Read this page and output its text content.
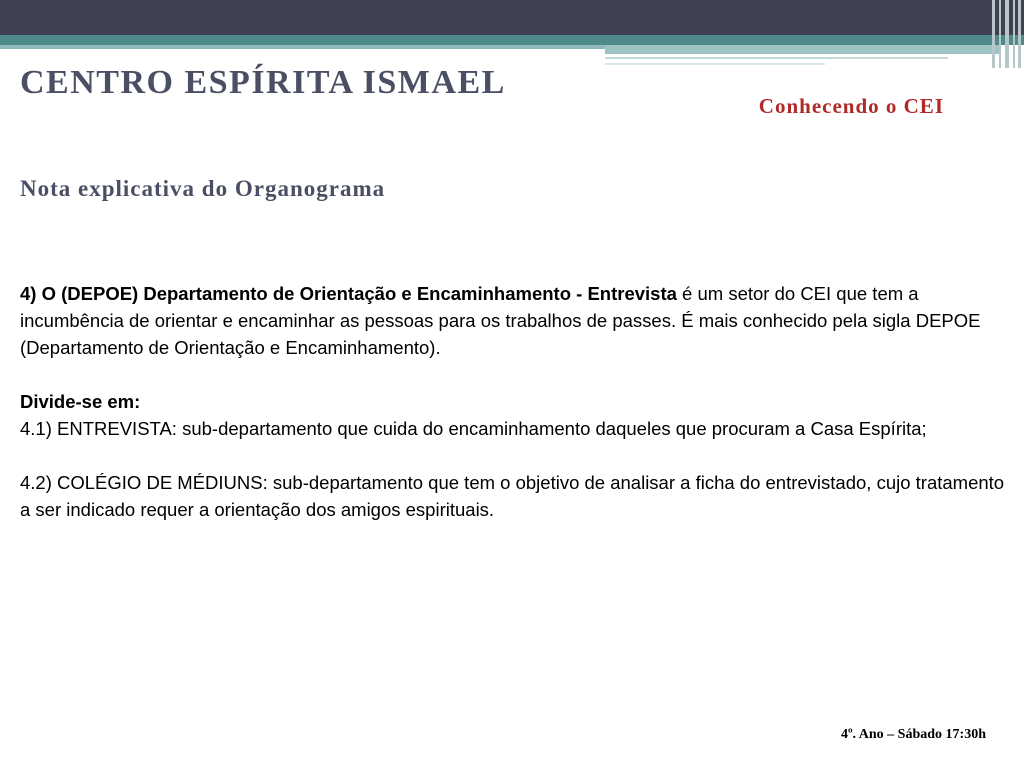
CENTRO ESPÍRITA ISMAEL
Conhecendo o CEI
Nota explicativa do Organograma

4) O (DEPOE) Departamento de Orientação e Encaminhamento - Entrevista é um setor do CEI que tem a incumbência de orientar e encaminhar as pessoas para os trabalhos de passes. É mais conhecido pela sigla DEPOE (Departamento de Orientação e Encaminhamento).

Divide-se em:

4.1) ENTREVISTA: sub-departamento que cuida do encaminhamento daqueles que procuram a Casa Espírita;

4.2) COLÉGIO DE MÉDIUNS: sub-departamento que tem o objetivo de analisar a ficha do entrevistado, cujo tratamento a ser indicado requer a orientação dos amigos espirituais.

4º. Ano – Sábado 17:30h
